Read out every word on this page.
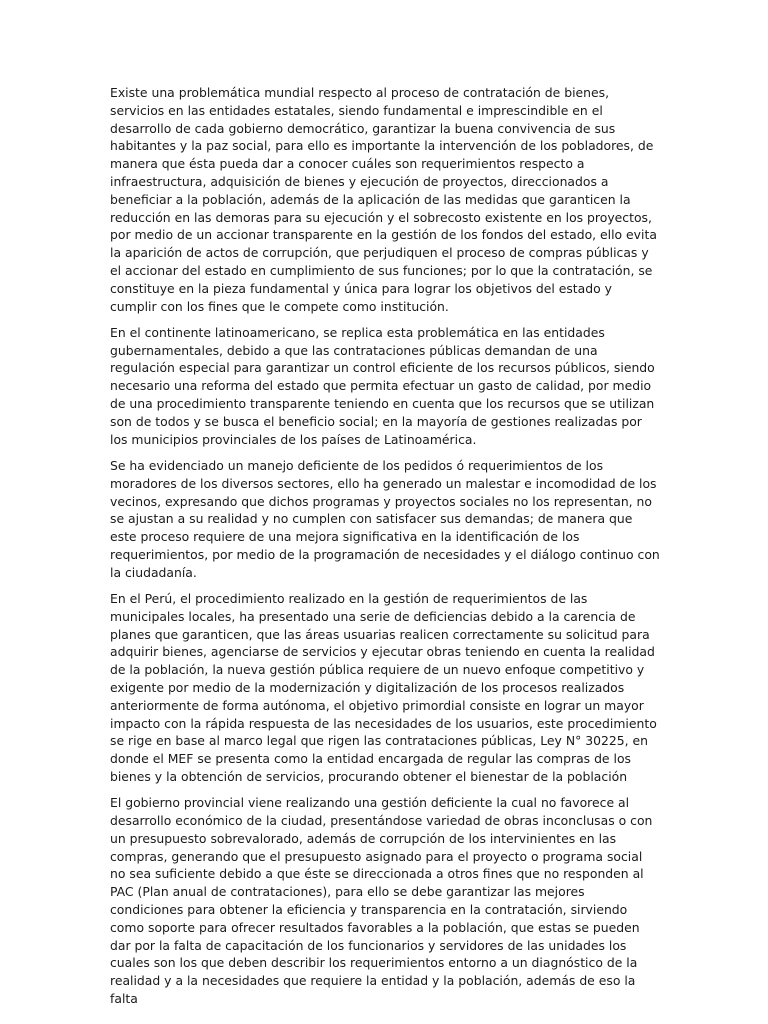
Existe una problemática mundial respecto al proceso de contratación de bienes, servicios en las entidades estatales, siendo fundamental e imprescindible en el desarrollo de cada gobierno democrático, garantizar la buena convivencia de sus habitantes y la paz social, para ello es importante la intervención de los pobladores, de manera que ésta pueda dar a conocer cuáles son requerimientos respecto a infraestructura, adquisición de bienes y ejecución de proyectos, direccionados a beneficiar a la población, además de la aplicación de las medidas que garanticen la reducción en las demoras para su ejecución y el sobrecosto existente en los proyectos, por medio de un accionar transparente en la gestión de los fondos del estado, ello evita la aparición de actos de corrupción, que perjudiquen el proceso de compras públicas y el accionar del estado en cumplimiento de sus funciones; por lo que la contratación, se constituye en la pieza fundamental y única para lograr los objetivos del estado y cumplir con los fines que le compete como institución.

En el continente latinoamericano, se replica esta problemática en las entidades gubernamentales, debido a que las contrataciones públicas demandan de una regulación especial para garantizar un control eficiente de los recursos públicos, siendo necesario una reforma del estado que permita efectuar un gasto de calidad, por medio de una procedimiento transparente teniendo en cuenta que los recursos que se utilizan son de todos y se busca el beneficio social; en la mayoría de gestiones realizadas por los municipios provinciales de los países de Latinoamérica.

Se ha evidenciado un manejo deficiente de los pedidos ó requerimientos de los moradores de los diversos sectores, ello ha generado un malestar e incomodidad de los vecinos, expresando que dichos programas y proyectos sociales no los representan, no se ajustan a su realidad y no cumplen con satisfacer sus demandas; de manera que este proceso requiere de una mejora significativa en la identificación de los requerimientos, por medio de la programación de necesidades y el diálogo continuo con la ciudadanía.

En el Perú, el procedimiento realizado en la gestión de requerimientos de las municipales locales, ha presentado una serie de deficiencias debido a la carencia de planes que garanticen, que las áreas usuarias realicen correctamente su solicitud para adquirir bienes, agenciarse de servicios y ejecutar obras teniendo en cuenta la realidad de la población, la nueva gestión pública requiere de un nuevo enfoque competitivo y exigente por medio de la modernización y digitalización de los procesos realizados anteriormente de forma autónoma, el objetivo primordial consiste en lograr un mayor impacto con la rápida respuesta de las necesidades de los usuarios, este procedimiento se rige en base al marco legal que rigen las contrataciones públicas, Ley N° 30225, en donde el MEF se presenta como la entidad encargada de regular las compras de los bienes y la obtención de servicios, procurando obtener el bienestar de la población

El gobierno provincial viene realizando una gestión deficiente la cual no favorece al desarrollo económico de la ciudad, presentándose variedad de obras inconclusas o con un presupuesto sobrevalorado, además de corrupción de los intervinientes en las compras, generando que el presupuesto asignado para el proyecto o programa social no sea suficiente debido a que éste se direccionada a otros fines que no responden al PAC (Plan anual de contrataciones), para ello se debe garantizar las mejores condiciones para obtener la eficiencia y transparencia en la contratación, sirviendo como soporte para ofrecer resultados favorables a la población, que estas se pueden dar por la falta de capacitación de los funcionarios y servidores de las unidades los cuales son los que deben describir los requerimientos entorno a un diagnóstico de la realidad y a la necesidades que requiere la entidad y la población, además de eso la falta
